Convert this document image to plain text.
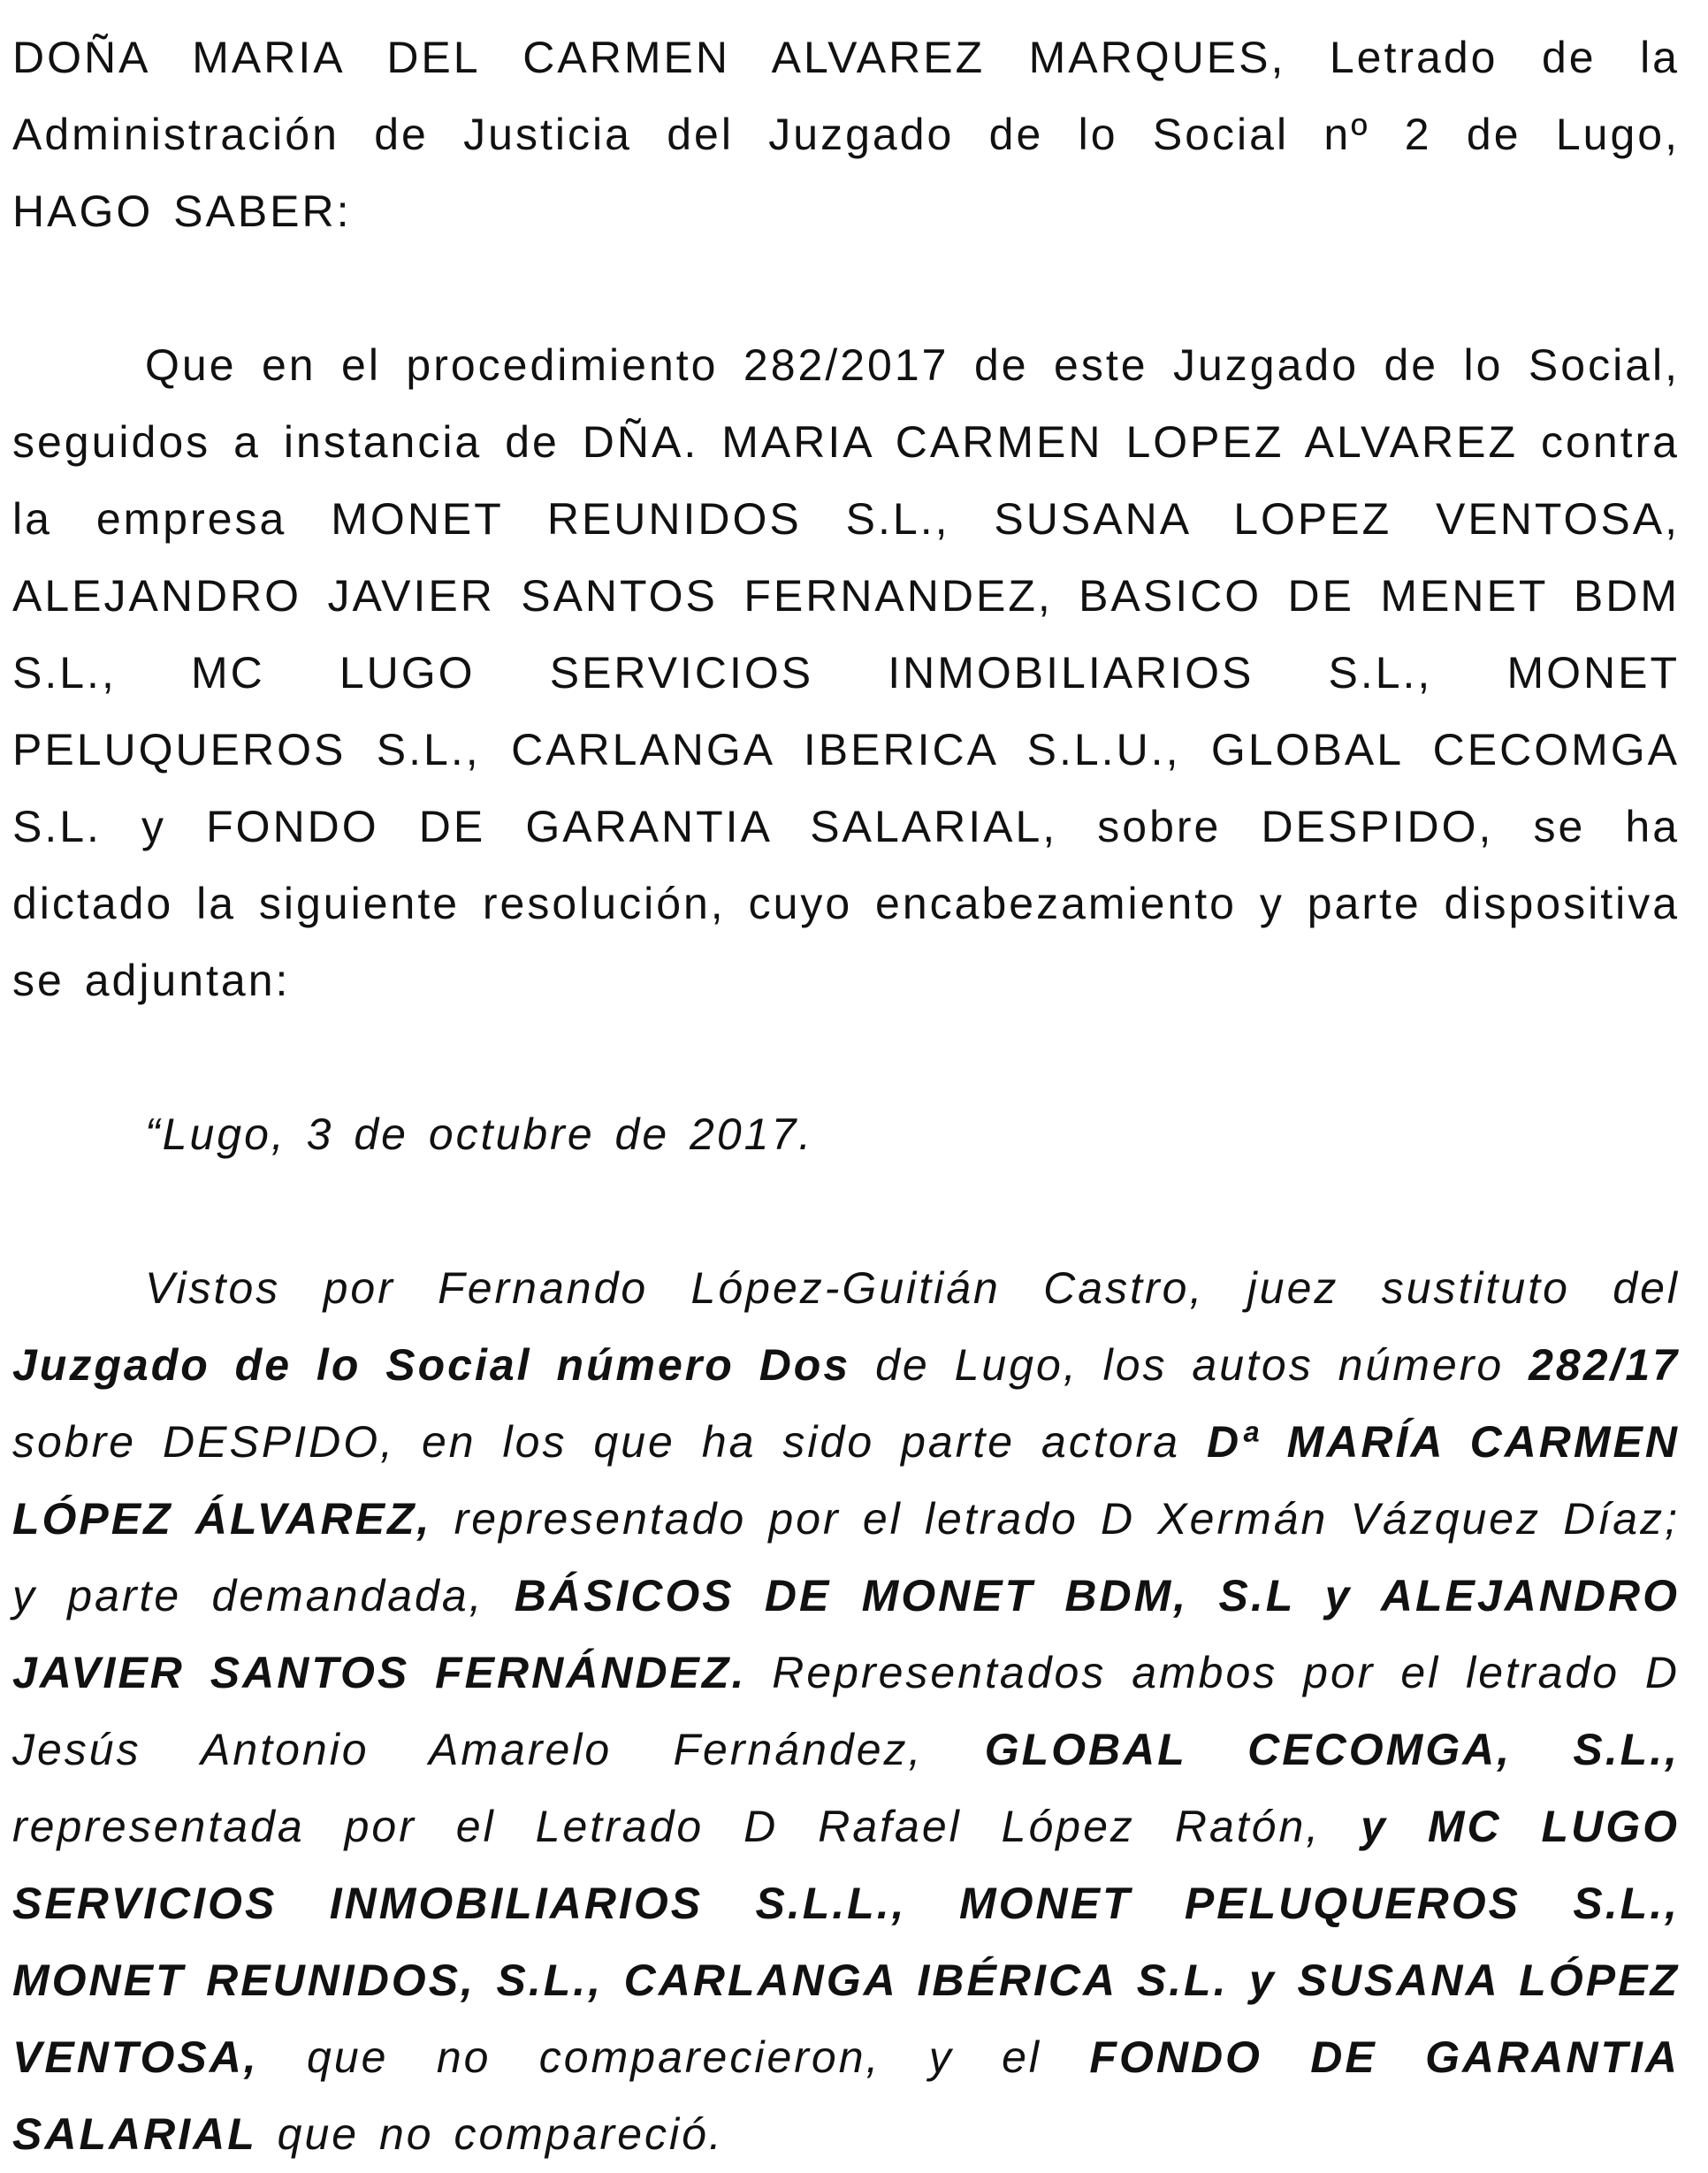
DOÑA MARIA DEL CARMEN ALVAREZ MARQUES, Letrado de la Administración de Justicia del Juzgado de lo Social nº 2 de Lugo, HAGO SABER:

Que en el procedimiento 282/2017 de este Juzgado de lo Social, seguidos a instancia de DÑA. MARIA CARMEN LOPEZ ALVAREZ contra la empresa MONET REUNIDOS S.L., SUSANA LOPEZ VENTOSA, ALEJANDRO JAVIER SANTOS FERNANDEZ, BASICO DE MENET BDM S.L., MC LUGO SERVICIOS INMOBILIARIOS S.L., MONET PELUQUEROS S.L., CARLANGA IBERICA S.L.U., GLOBAL CECOMGA S.L. y FONDO DE GARANTIA SALARIAL, sobre DESPIDO, se ha dictado la siguiente resolución, cuyo encabezamiento y parte dispositiva se adjuntan:

“Lugo, 3 de octubre de 2017.

Vistos por Fernando López-Guitián Castro, juez sustituto del Juzgado de lo Social número Dos de Lugo, los autos número 282/17 sobre DESPIDO, en los que ha sido parte actora Dª MARÍA CARMEN LÓPEZ ÁLVAREZ, representado por el letrado D Xermán Vázquez Díaz; y parte demandada, BÁSICOS DE MONET BDM, S.L y ALEJANDRO JAVIER SANTOS FERNÁNDEZ. Representados ambos por el letrado D Jesús Antonio Amarelo Fernández, GLOBAL CECOMGA, S.L., representada por el Letrado D Rafael López Ratón, y MC LUGO SERVICIOS INMOBILIARIOS S.L.L., MONET PELUQUEROS S.L., MONET REUNIDOS, S.L., CARLANGA IBÉRICA S.L. y SUSANA LÓPEZ VENTOSA, que no comparecieron, y el FONDO DE GARANTIA SALARIAL que no compareció.
